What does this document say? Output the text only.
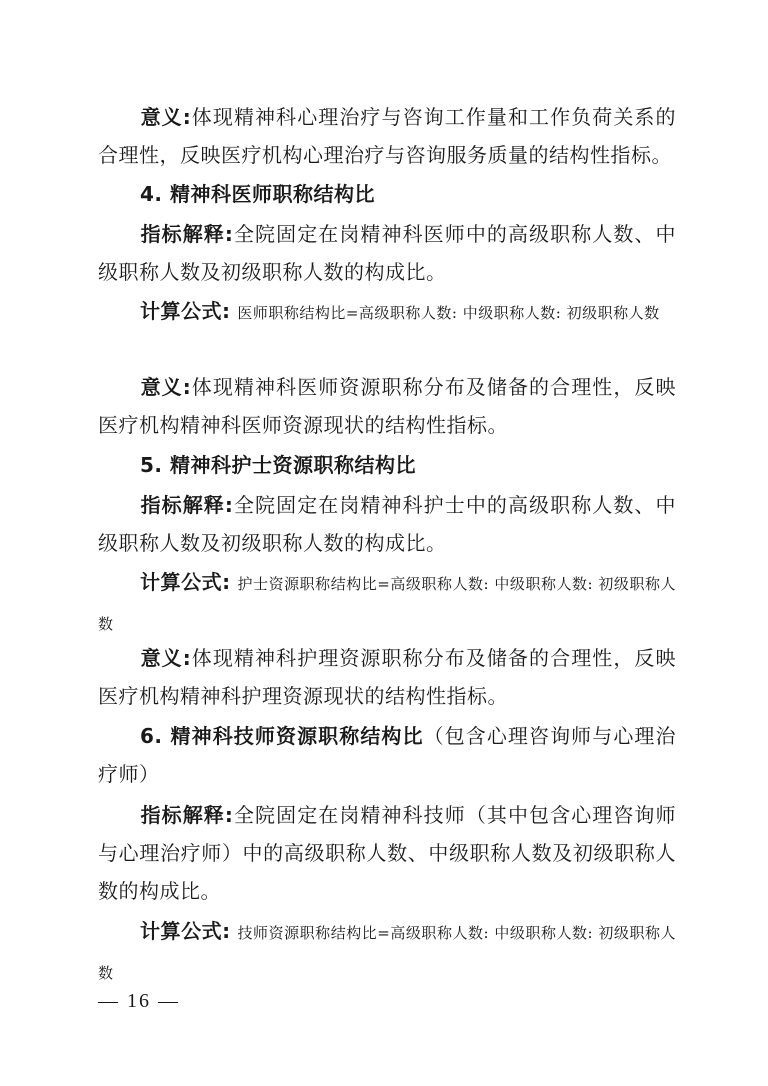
意义:体现精神科心理治疗与咨询工作量和工作负荷关系的合理性，反映医疗机构心理治疗与咨询服务质量的结构性指标。

4. 精神科医师职称结构比

指标解释:全院固定在岗精神科医师中的高级职称人数、中级职称人数及初级职称人数的构成比。

计算公式: 医师职称结构比=高级职称人数: 中级职称人数: 初级职称人数

意义:体现精神科医师资源职称分布及储备的合理性，反映医疗机构精神科医师资源现状的结构性指标。

5. 精神科护士资源职称结构比

指标解释:全院固定在岗精神科护士中的高级职称人数、中级职称人数及初级职称人数的构成比。

计算公式: 护士资源职称结构比=高级职称人数: 中级职称人数: 初级职称人数

意义:体现精神科护理资源职称分布及储备的合理性，反映医疗机构精神科护理资源现状的结构性指标。

6. 精神科技师资源职称结构比（包含心理咨询师与心理治疗师）

指标解释:全院固定在岗精神科技师（其中包含心理咨询师与心理治疗师）中的高级职称人数、中级职称人数及初级职称人数的构成比。

计算公式: 技师资源职称结构比=高级职称人数: 中级职称人数: 初级职称人数

— 16 —
